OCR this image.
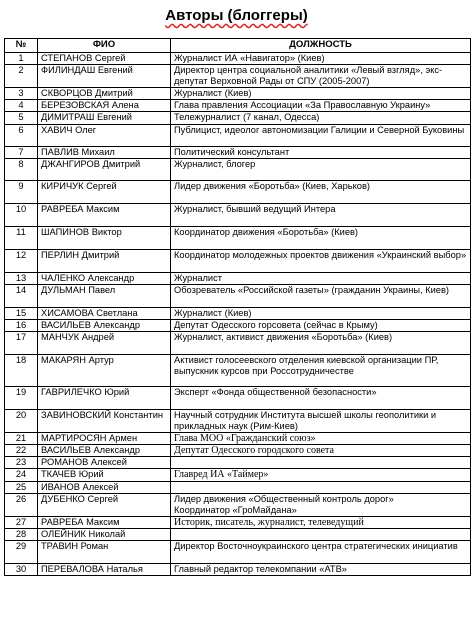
Авторы (блоггеры)
№	ФИО	ДОЛЖНОСТЬ
1	СТЕПАНОВ Сергей	Журналист ИА «Навигатор» (Киев)
2	ФИЛИНДАШ Евгений	Директор центра социальной аналитики «Левый взгляд», экс-депутат Верховной Рады от СПУ (2005-2007)
3	СКВОРЦОВ Дмитрий	Журналист (Киев)
4	БЕРЕЗОВСКАЯ Алена	Глава правления Ассоциации «За Православную Украину»
5	ДИМИТРАШ Евгений	Тележурналист (7 канал, Одесса)
6	ХАВИЧ Олег	Публицист, идеолог автономизации Галиции и Северной Буковины
7	ПАВЛИВ Михаил	Политический консультант
8	ДЖАНГИРОВ Дмитрий	Журналист, блогер
9	КИРИЧУК Сергей	Лидер движения «Боротьба» (Киев, Харьков)
10	РАВРЕБА Максим	Журналист, бывший ведущий Интера
11	ШАПИНОВ Виктор	Координатор движения «Боротьба» (Киев)
12	ПЕРЛИН Дмитрий	Координатор молодежных проектов движения «Украинский выбор»
13	ЧАЛЕНКО Александр	Журналист
14	ДУЛЬМАН Павел	Обозреватель «Российской газеты» (гражданин Украины, Киев)
15	ХИСАМОВА Светлана	Журналист (Киев)
16	ВАСИЛЬЕВ Александр	Депутат Одесского горсовета (сейчас в Крыму)
17	МАНЧУК Андрей	Журналист, активист движения «Боротьба» (Киев)
18	МАКАРЯН Артур	Активист голосеевского отделения киевской организации ПР,
выпускник курсов при Россотрудничестве
19	ГАВРИЛЕЧКО Юрий	Эксперт «Фонда общественной безопасности»
20	ЗАВИНОВСКИЙ Константин	Научный сотрудник Института высшей школы геополитики и прикладных наук (Рим-Киев)
21	МАРТИРОСЯН Армен	Глава МОО «Гражданский союз»
22	ВАСИЛЬЕВ Александр	Депутат Одесского городского совета
23	РОМАНОВ Алексей	
24	ТКАЧЕВ Юрий	Главред ИА «Таймер»
25	ИВАНОВ Алексей	
26	ДУБЕНКО Сергей	Лидер движения «Общественный контроль дорог»
Координатор «ГроМайдана»
27	РАВРЕБА Максим	Историк, писатель, журналист, телеведущий
28	ОЛЕЙНИК Николай	
29	ТРАВИН Роман	Директор Восточноукраинского центра стратегических инициатив
30	ПЕРЕВАЛОВА Наталья	Главный редактор телекомпании «АТВ»
